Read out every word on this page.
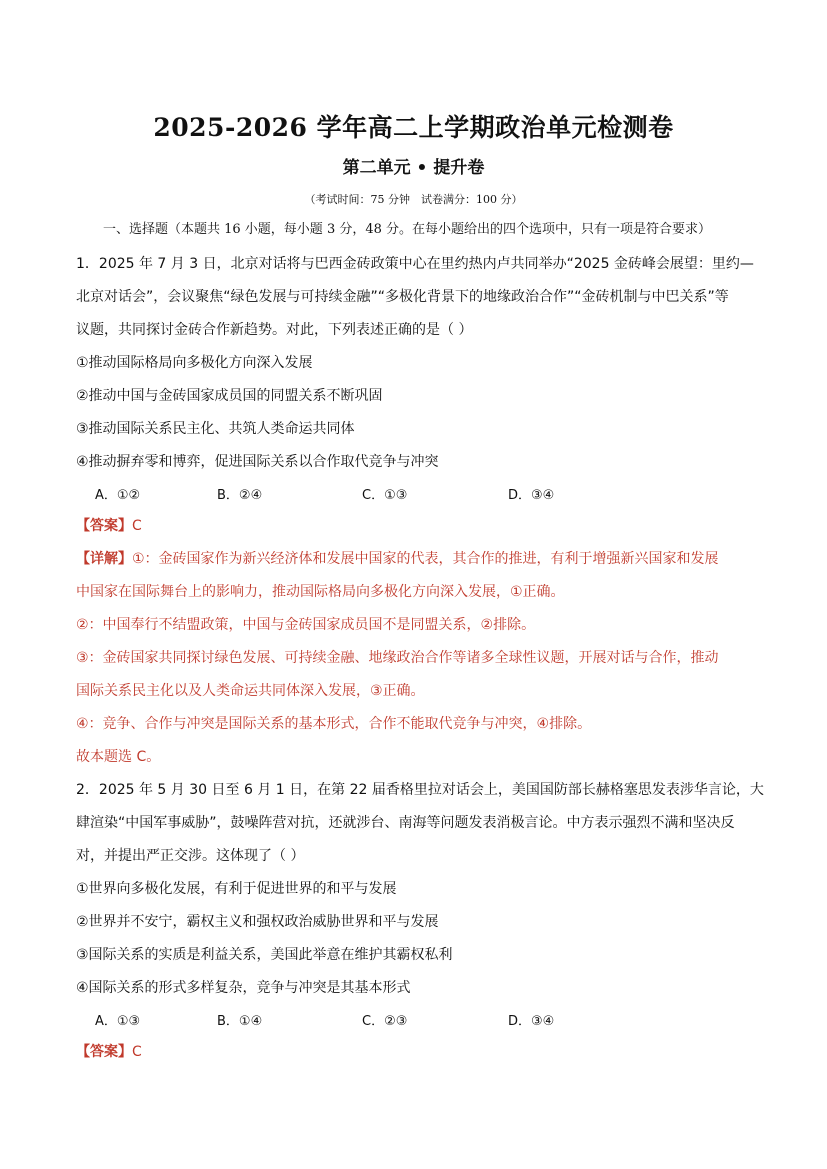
2025-2026 学年高二上学期政治单元检测卷
第二单元 • 提升卷
（考试时间：75 分钟　试卷满分：100 分）
一、选择题（本题共 16 小题，每小题 3 分，48 分。在每小题给出的四个选项中，只有一项是符合要求）
1．2025 年 7 月 3 日，北京对话将与巴西金砖政策中心在里约热内卢共同举办“2025 金砖峰会展望：里约—
北京对话会”，会议聚焦“绿色发展与可持续金融”“多极化背景下的地缘政治合作”“金砖机制与中巴关系”等
议题，共同探讨金砖合作新趋势。对此，下列表述正确的是（ ）
①推动国际格局向多极化方向深入发展
②推动中国与金砖国家成员国的同盟关系不断巩固
③推动国际关系民主化、共筑人类命运共同体
④推动摒弃零和博弈，促进国际关系以合作取代竞争与冲突
A．①②	B．②④	C．①③	D．③④
【答案】C
【详解】①：金砖国家作为新兴经济体和发展中国家的代表，其合作的推进，有利于增强新兴国家和发展
中国家在国际舞台上的影响力，推动国际格局向多极化方向深入发展，①正确。
②：中国奉行不结盟政策，中国与金砖国家成员国不是同盟关系，②排除。
③：金砖国家共同探讨绿色发展、可持续金融、地缘政治合作等诸多全球性议题，开展对话与合作，推动
国际关系民主化以及人类命运共同体深入发展，③正确。
④：竞争、合作与冲突是国际关系的基本形式，合作不能取代竞争与冲突，④排除。
故本题选 C。
2．2025 年 5 月 30 日至 6 月 1 日，在第 22 届香格里拉对话会上，美国国防部长赫格塞思发表涉华言论，大
肆渲染“中国军事威胁”，鼓噪阵营对抗，还就涉台、南海等问题发表消极言论。中方表示强烈不满和坚决反
对，并提出严正交涉。这体现了（ ）
①世界向多极化发展，有利于促进世界的和平与发展
②世界并不安宁，霸权主义和强权政治威胁世界和平与发展
③国际关系的实质是利益关系，美国此举意在维护其霸权私利
④国际关系的形式多样复杂，竞争与冲突是其基本形式
A．①③	B．①④	C．②③	D．③④
【答案】C
